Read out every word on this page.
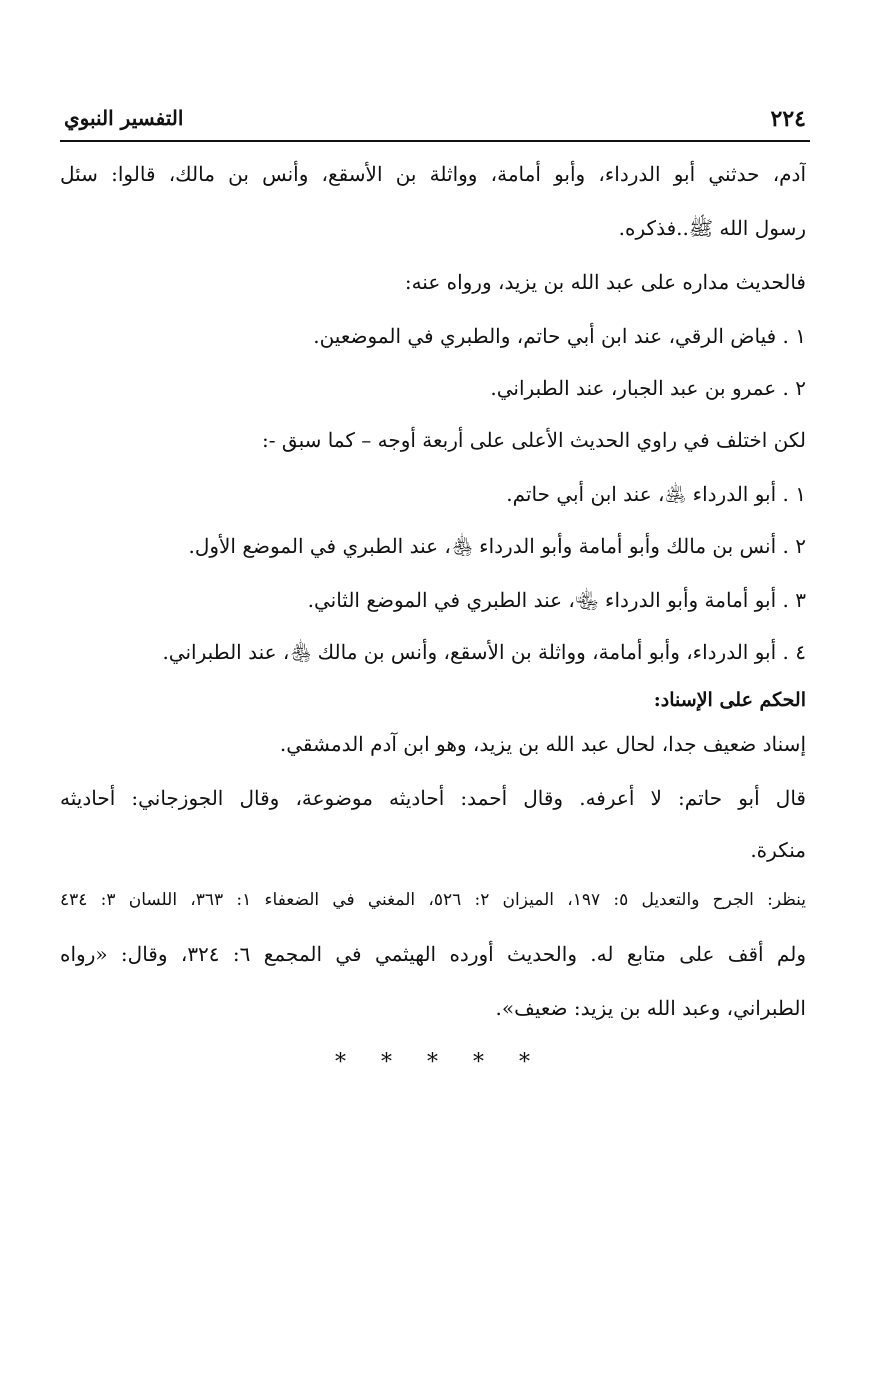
٢٢٤
التفسير النبوي
آدم، حدثني أبو الدرداء، وأبو أمامة، وواثلة بن الأسقع، وأنس بن مالك، قالوا: سئل
رسول الله ﷺ..فذكره.
فالحديث مداره على عبد الله بن يزيد، ورواه عنه:
١ . فياض الرقي، عند ابن أبي حاتم، والطبري في الموضعين.
٢ . عمرو بن عبد الجبار، عند الطبراني.
لكن اختلف في راوي الحديث الأعلى على أربعة أوجه – كما سبق -:
١ . أبو الدرداء ﵁، عند ابن أبي حاتم.
٢ . أنس بن مالك وأبو أمامة وأبو الدرداء ﵃، عند الطبري في الموضع الأول.
٣ . أبو أمامة وأبو الدرداء ﵄، عند الطبري في الموضع الثاني.
٤ . أبو الدرداء، وأبو أمامة، وواثلة بن الأسقع، وأنس بن مالك ﵃، عند الطبراني.
الحكم على الإسناد:
إسناد ضعيف جدا، لحال عبد الله بن يزيد، وهو ابن آدم الدمشقي.
قال أبو حاتم: لا أعرفه. وقال أحمد: أحاديثه موضوعة، وقال الجوزجاني: أحاديثه
منكرة.
ينظر: الجرح والتعديل ٥: ١٩٧، الميزان ٢: ٥٢٦، المغني في الضعفاء ١: ٣٦٣، اللسان ٣: ٤٣٤
ولم أقف على متابع له. والحديث أورده الهيثمي في المجمع ٦: ٣٢٤، وقال: «رواه
الطبراني، وعبد الله بن يزيد: ضعيف».
* * * * *
